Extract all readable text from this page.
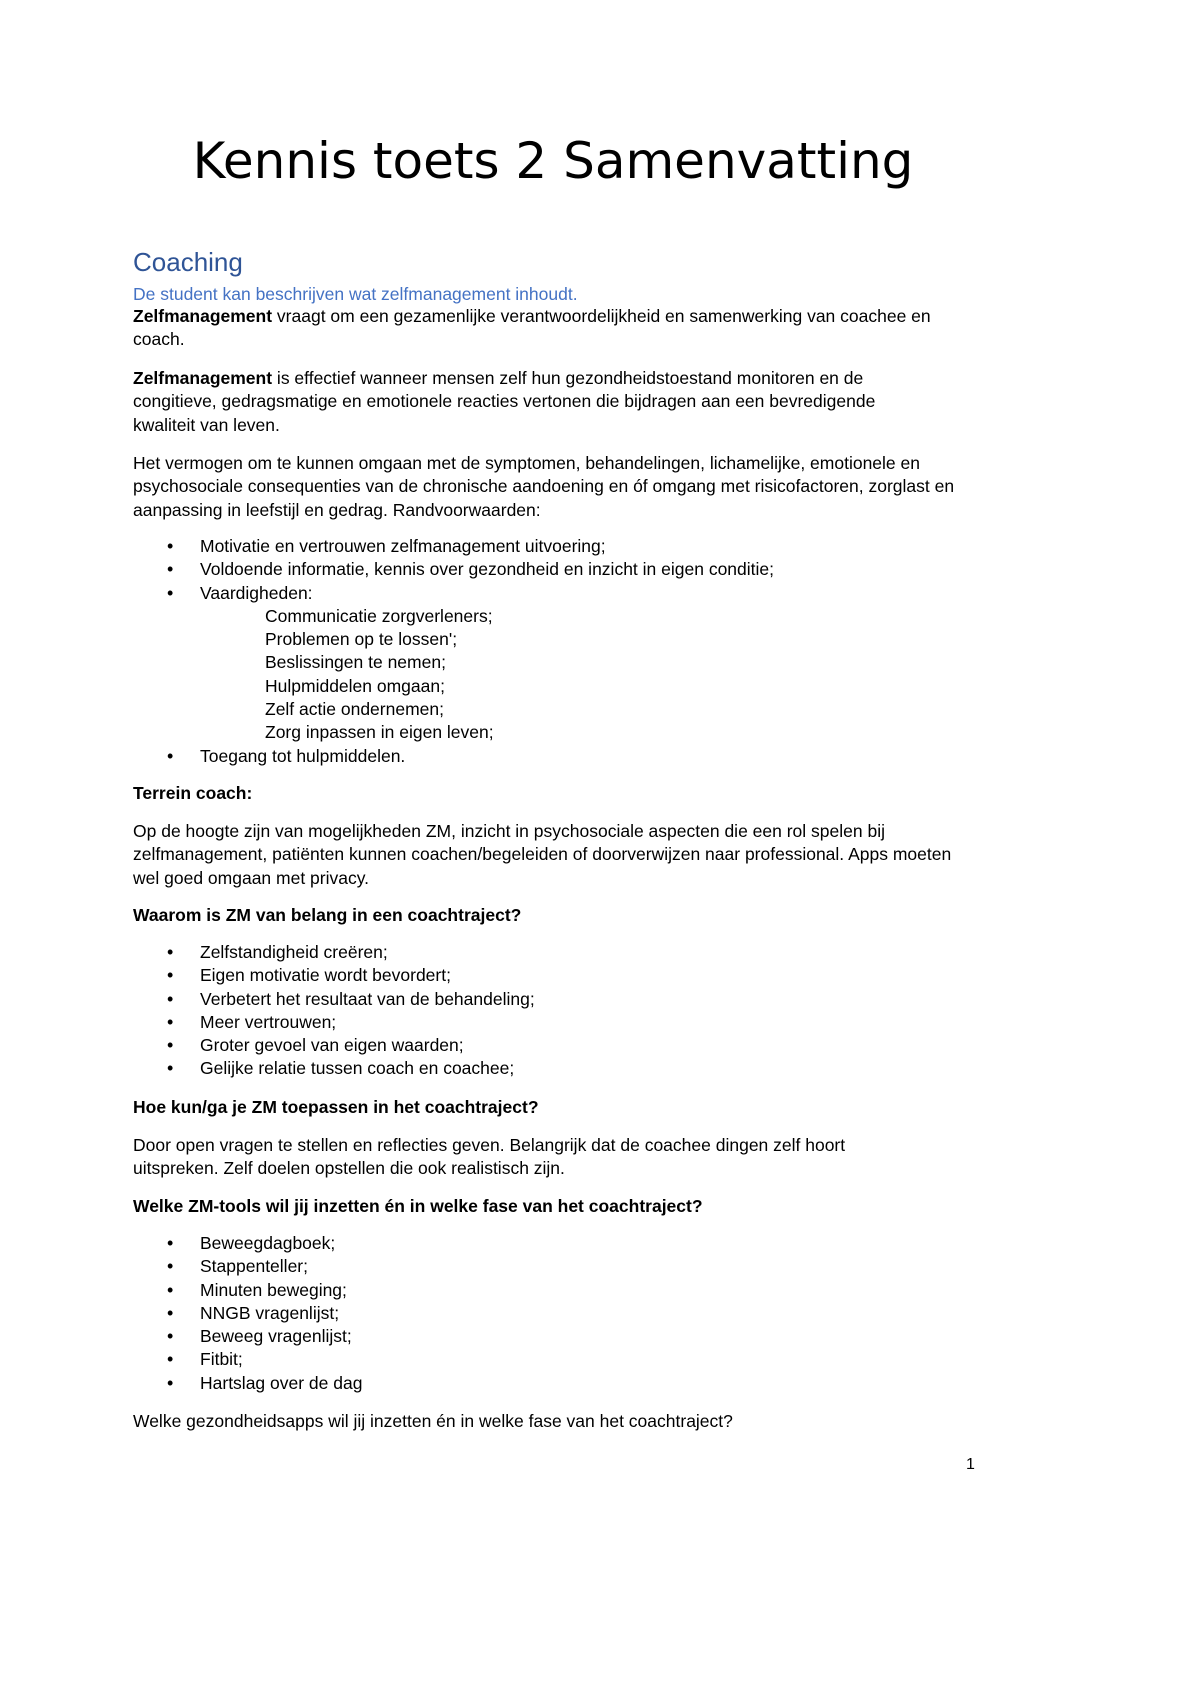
Kennis toets 2 Samenvatting
Coaching
De student kan beschrijven wat zelfmanagement inhoudt.
Zelfmanagement vraagt om een gezamenlijke verantwoordelijkheid en samenwerking van coachee en coach.
Zelfmanagement is effectief wanneer mensen zelf hun gezondheidstoestand monitoren en de congitieve, gedragsmatige en emotionele reacties vertonen die bijdragen aan een bevredigende kwaliteit van leven.
Het vermogen om te kunnen omgaan met de symptomen, behandelingen, lichamelijke, emotionele en psychosociale consequenties van de chronische aandoening en óf omgang met risicofactoren, zorglast en aanpassing in leefstijl en gedrag. Randvoorwaarden:
• Motivatie en vertrouwen zelfmanagement uitvoering;
• Voldoende informatie, kennis over gezondheid en inzicht in eigen conditie;
• Vaardigheden:
Communicatie zorgverleners;
Problemen op te lossen';
Beslissingen te nemen;
Hulpmiddelen omgaan;
Zelf actie ondernemen;
Zorg inpassen in eigen leven;
• Toegang tot hulpmiddelen.
Terrein coach:
Op de hoogte zijn van mogelijkheden ZM, inzicht in psychosociale aspecten die een rol spelen bij zelfmanagement, patiënten kunnen coachen/begeleiden of doorverwijzen naar professional. Apps moeten wel goed omgaan met privacy.
Waarom is ZM van belang in een coachtraject?
• Zelfstandigheid creëren;
• Eigen motivatie wordt bevordert;
• Verbetert het resultaat van de behandeling;
• Meer vertrouwen;
• Groter gevoel van eigen waarden;
• Gelijke relatie tussen coach en coachee;
Hoe kun/ga je ZM toepassen in het coachtraject?
Door open vragen te stellen en reflecties geven. Belangrijk dat de coachee dingen zelf hoort uitspreken. Zelf doelen opstellen die ook realistisch zijn.
Welke ZM-tools wil jij inzetten én in welke fase van het coachtraject?
• Beweegdagboek;
• Stappenteller;
• Minuten beweging;
• NNGB vragenlijst;
• Beweeg vragenlijst;
• Fitbit;
• Hartslag over de dag
Welke gezondheidsapps wil jij inzetten én in welke fase van het coachtraject?
1
